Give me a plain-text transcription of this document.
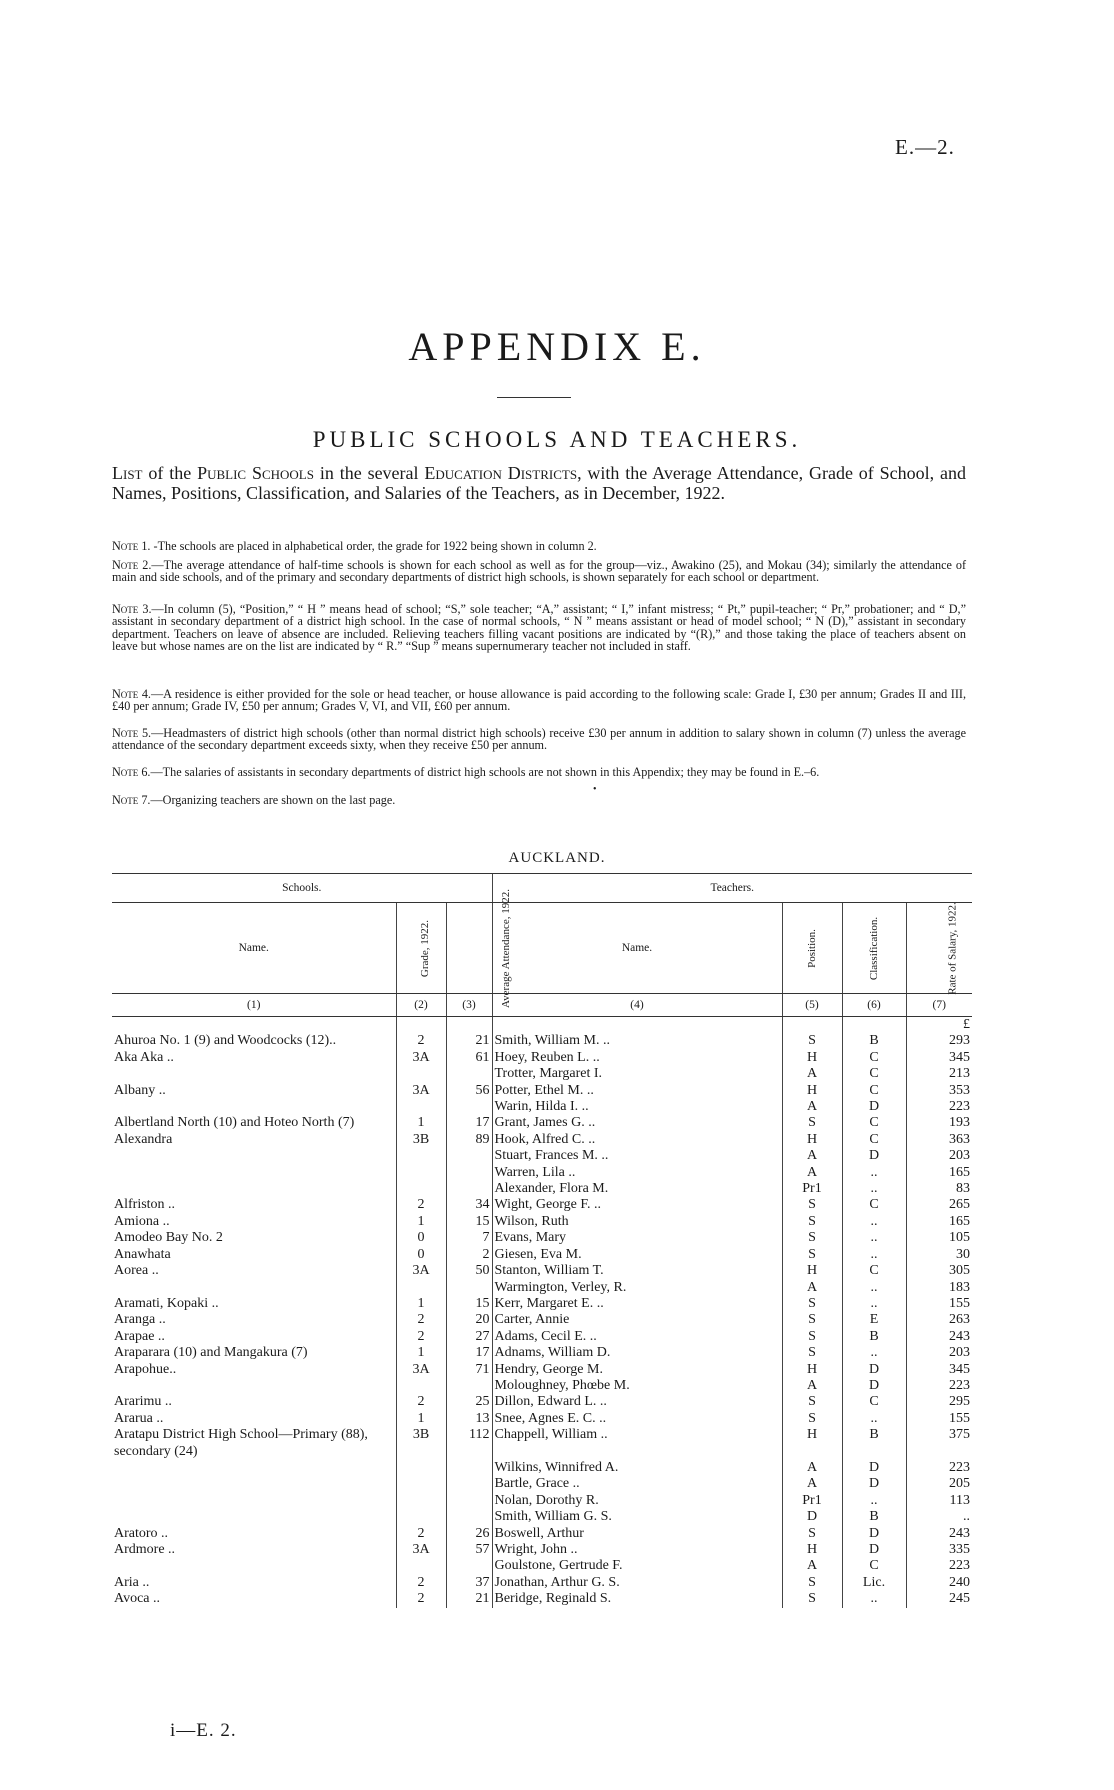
E.—2.
APPENDIX E.
PUBLIC SCHOOLS AND TEACHERS.
List of the Public Schools in the several Education Districts, with the Average Attendance, Grade of School, and Names, Positions, Classification, and Salaries of the Teachers, as in December, 1922.
Note 1. -The schools are placed in alphabetical order, the grade for 1922 being shown in column 2.
Note 2.—The average attendance of half-time schools is shown for each school as well as for the group—viz., Awakino (25), and Mokau (34); similarly the attendance of main and side schools, and of the primary and secondary departments of district high schools, is shown separately for each school or department.
Note 3.—In column (5), “Position,” “ H ” means head of school; “S,” sole teacher; “A,” assistant; “ I,” infant mistress; “ Pt,” pupil-teacher; “ Pr,” probationer; and “ D,” assistant in secondary department of a district high school. In the case of normal schools, “ N ” means assistant or head of model school; “ N (D),” assistant in secondary department. Teachers on leave of absence are included. Relieving teachers filling vacant positions are indicated by “(R),” and those taking the place of teachers absent on leave but whose names are on the list are indicated by “ R.” “Sup ” means supernumerary teacher not included in staff.
Note 4.—A residence is either provided for the sole or head teacher, or house allowance is paid according to the following scale: Grade I, £30 per annum; Grades II and III, £40 per annum; Grade IV, £50 per annum; Grades V, VI, and VII, £60 per annum.
Note 5.—Headmasters of district high schools (other than normal district high schools) receive £30 per annum in addition to salary shown in column (7) unless the average attendance of the secondary department exceeds sixty, when they receive £50 per annum.
Note 6.—The salaries of assistants in secondary departments of district high schools are not shown in this Appendix; they may be found in E.–6.
Note 7.—Organizing teachers are shown on the last page.
•
AUCKLAND.
Schools.			Teachers.			
Name.	Grade, 1922.	Average Attendance, 1922.	Name.	Position.	Classification.	Rate of Salary, 1922.
(1)	(2)	(3)	(4)	(5)	(6)	(7)
						£
Ahuroa No. 1 (9) and Woodcocks (12)..	2	21	Smith, William M. ..	S	B	293
Aka Aka ..	3A	61	Hoey, Reuben L. ..	H	C	345
			Trotter, Margaret I.	A	C	213
Albany ..	3A	56	Potter, Ethel M. ..	H	C	353
			Warin, Hilda I. ..	A	D	223
Albertland North (10) and Hoteo North (7)	1	17	Grant, James G. ..	S	C	193
Alexandra	3B	89	Hook, Alfred C. ..	H	C	363
			Stuart, Frances M. ..	A	D	203
			Warren, Lila ..	A	..	165
			Alexander, Flora M.	Pr1	..	83
Alfriston ..	2	34	Wight, George F. ..	S	C	265
Amiona ..	1	15	Wilson, Ruth	S	..	165
Amodeo Bay No. 2	0	7	Evans, Mary	S	..	105
Anawhata	0	2	Giesen, Eva M.	S	..	30
Aorea ..	3A	50	Stanton, William T.	H	C	305
			Warmington, Verley, R.	A	..	183
Aramati, Kopaki ..	1	15	Kerr, Margaret E. ..	S	..	155
Aranga ..	2	20	Carter, Annie	S	E	263
Arapae ..	2	27	Adams, Cecil E. ..	S	B	243
Araparara (10) and Mangakura (7)	1	17	Adnams, William D.	S	..	203
Arapohue..	3A	71	Hendry, George M.	H	D	345
			Moloughney, Phœbe M.	A	D	223
Ararimu ..	2	25	Dillon, Edward L. ..	S	C	295
Ararua ..	1	13	Snee, Agnes E. C. ..	S	..	155
Aratapu District High School—Primary (88), secondary (24)	3B	112	Chappell, William ..	H	B	375
			Wilkins, Winnifred A.	A	D	223
			Bartle, Grace ..	A	D	205
			Nolan, Dorothy R.	Pr1	..	113
			Smith, William G. S.	D	B	..
Aratoro ..	2	26	Boswell, Arthur	S	D	243
Ardmore ..	3A	57	Wright, John ..	H	D	335
			Goulstone, Gertrude F.	A	C	223
Aria ..	2	37	Jonathan, Arthur G. S.	S	Lic.	240
Avoca ..	2	21	Beridge, Reginald S.	S	..	245
i—E. 2.
